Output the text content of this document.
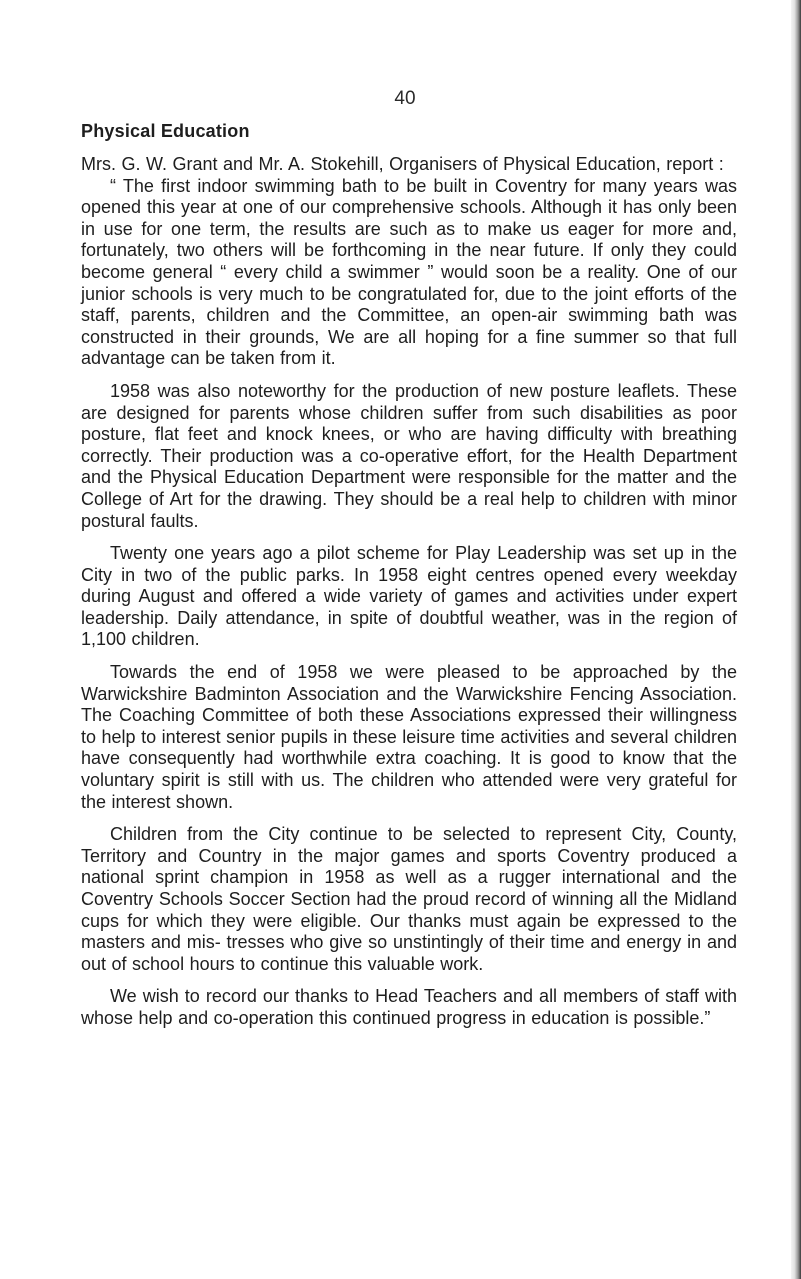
40
Physical Education

Mrs. G. W. Grant and Mr. A. Stokehill, Organisers of Physical Education, report :

“ The first indoor swimming bath to be built in Coventry for many years was opened this year at one of our comprehensive schools. Although it has only been in use for one term, the results are such as to make us eager for more and, fortunately, two others will be forthcoming in the near future. If only they could become general “ every child a swimmer ” would soon be a reality. One of our junior schools is very much to be congratulated for, due to the joint efforts of the staff, parents, children and the Committee, an open-air swimming bath was constructed in their grounds, We are all hoping for a fine summer so that full advantage can be taken from it.

1958 was also noteworthy for the production of new posture leaflets. These are designed for parents whose children suffer from such disabilities as poor posture, flat feet and knock knees, or who are having difficulty with breathing correctly. Their production was a co-operative effort, for the Health Department and the Physical Education Department were responsible for the matter and the College of Art for the drawing. They should be a real help to children with minor postural faults.

Twenty one years ago a pilot scheme for Play Leadership was set up in the City in two of the public parks. In 1958 eight centres opened every weekday during August and offered a wide variety of games and activities under expert leadership. Daily attendance, in spite of doubtful weather, was in the region of 1,100 children.

Towards the end of 1958 we were pleased to be approached by the Warwickshire Badminton Association and the Warwickshire Fencing Association. The Coaching Committee of both these Associations expressed their willingness to help to interest senior pupils in these leisure time activities and several children have consequently had worthwhile extra coaching. It is good to know that the voluntary spirit is still with us. The children who attended were very grateful for the interest shown.

Children from the City continue to be selected to represent City, County, Territory and Country in the major games and sports Coventry produced a national sprint champion in 1958 as well as a rugger international and the Coventry Schools Soccer Section had the proud record of winning all the Midland cups for which they were eligible. Our thanks must again be expressed to the masters and mis- tresses who give so unstintingly of their time and energy in and out of school hours to continue this valuable work.

We wish to record our thanks to Head Teachers and all members of staff with whose help and co-operation this continued progress in education is possible.”
